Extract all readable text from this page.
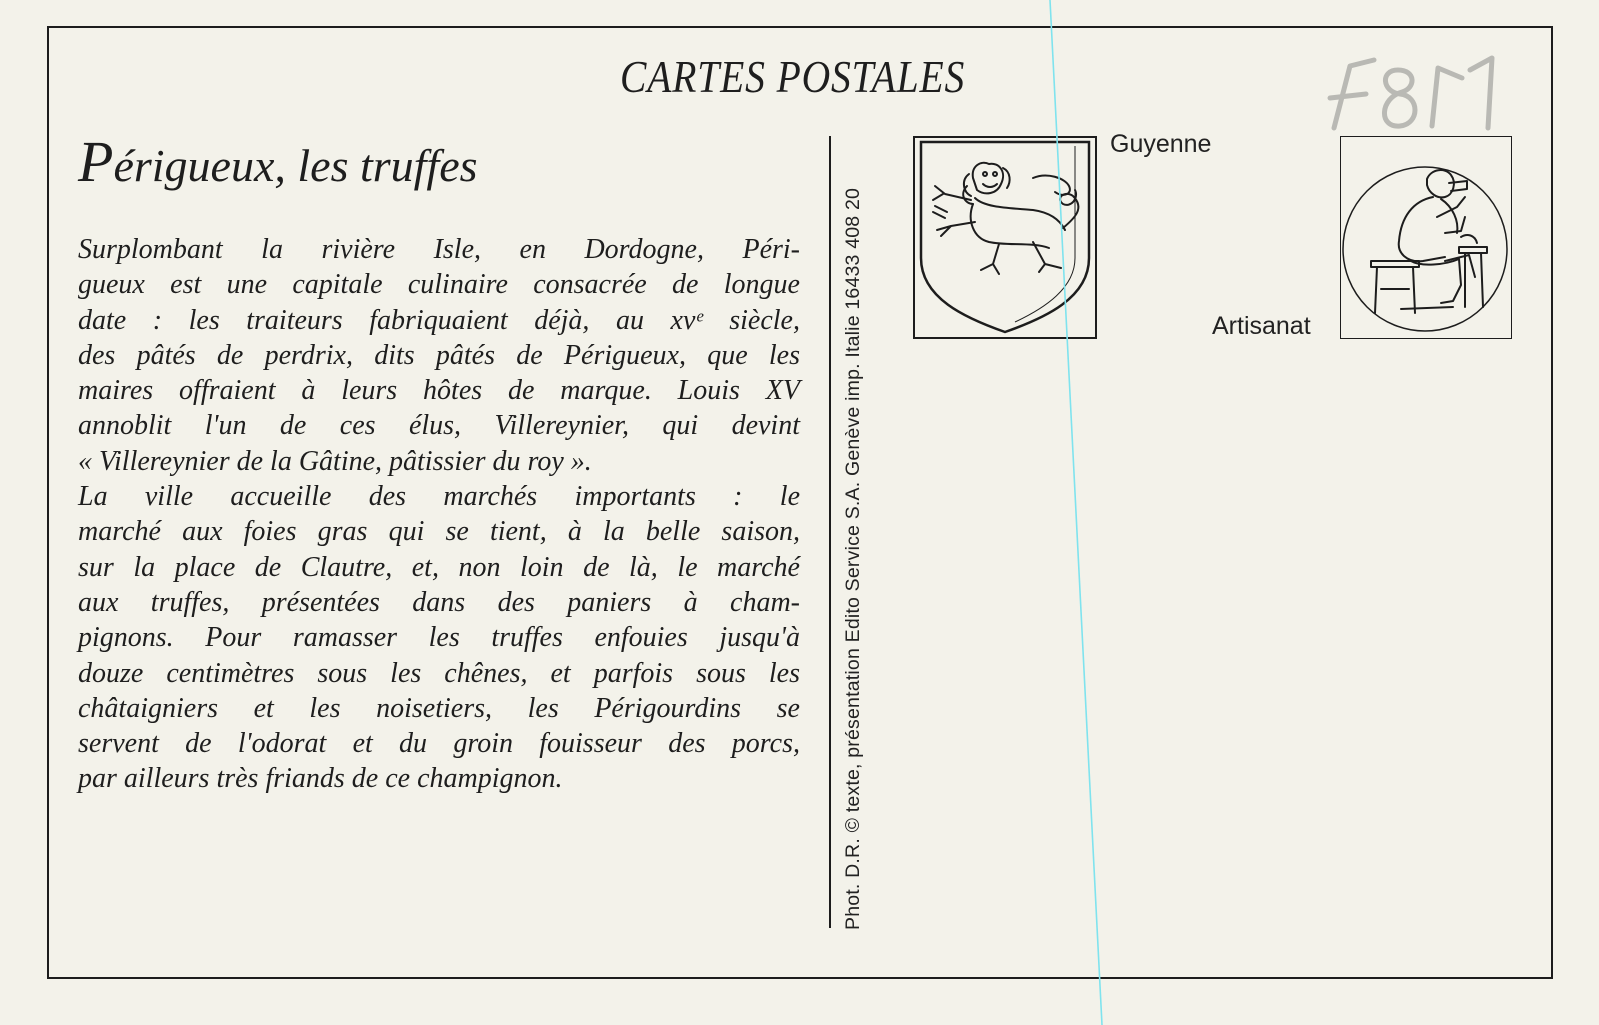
CARTES POSTALES
Périgueux, les truffes
Surplombant la rivière Isle, en Dordogne, Péri-
gueux est une capitale culinaire consacrée de longue
date : les traiteurs fabriquaient déjà, au xvᵉ siècle,
des pâtés de perdrix, dits pâtés de Périgueux, que les
maires offraient à leurs hôtes de marque. Louis XV
annoblit l'un de ces élus, Villereynier, qui devint
« Villereynier de la Gâtine, pâtissier du roy ».
La ville accueille des marchés importants : le
marché aux foies gras qui se tient, à la belle saison,
sur la place de Clautre, et, non loin de là, le marché
aux truffes, présentées dans des paniers à cham-
pignons. Pour ramasser les truffes enfouies jusqu'à
douze centimètres sous les chênes, et parfois sous les
châtaigniers et les noisetiers, les Périgourdins se
servent de l'odorat et du groin fouisseur des porcs,
par ailleurs très friands de ce champignon.	Phot. D.R. © texte, présentation Edito Service S.A. Genève imp. Italie 16433 408 20
Guyenne
Artisanat
